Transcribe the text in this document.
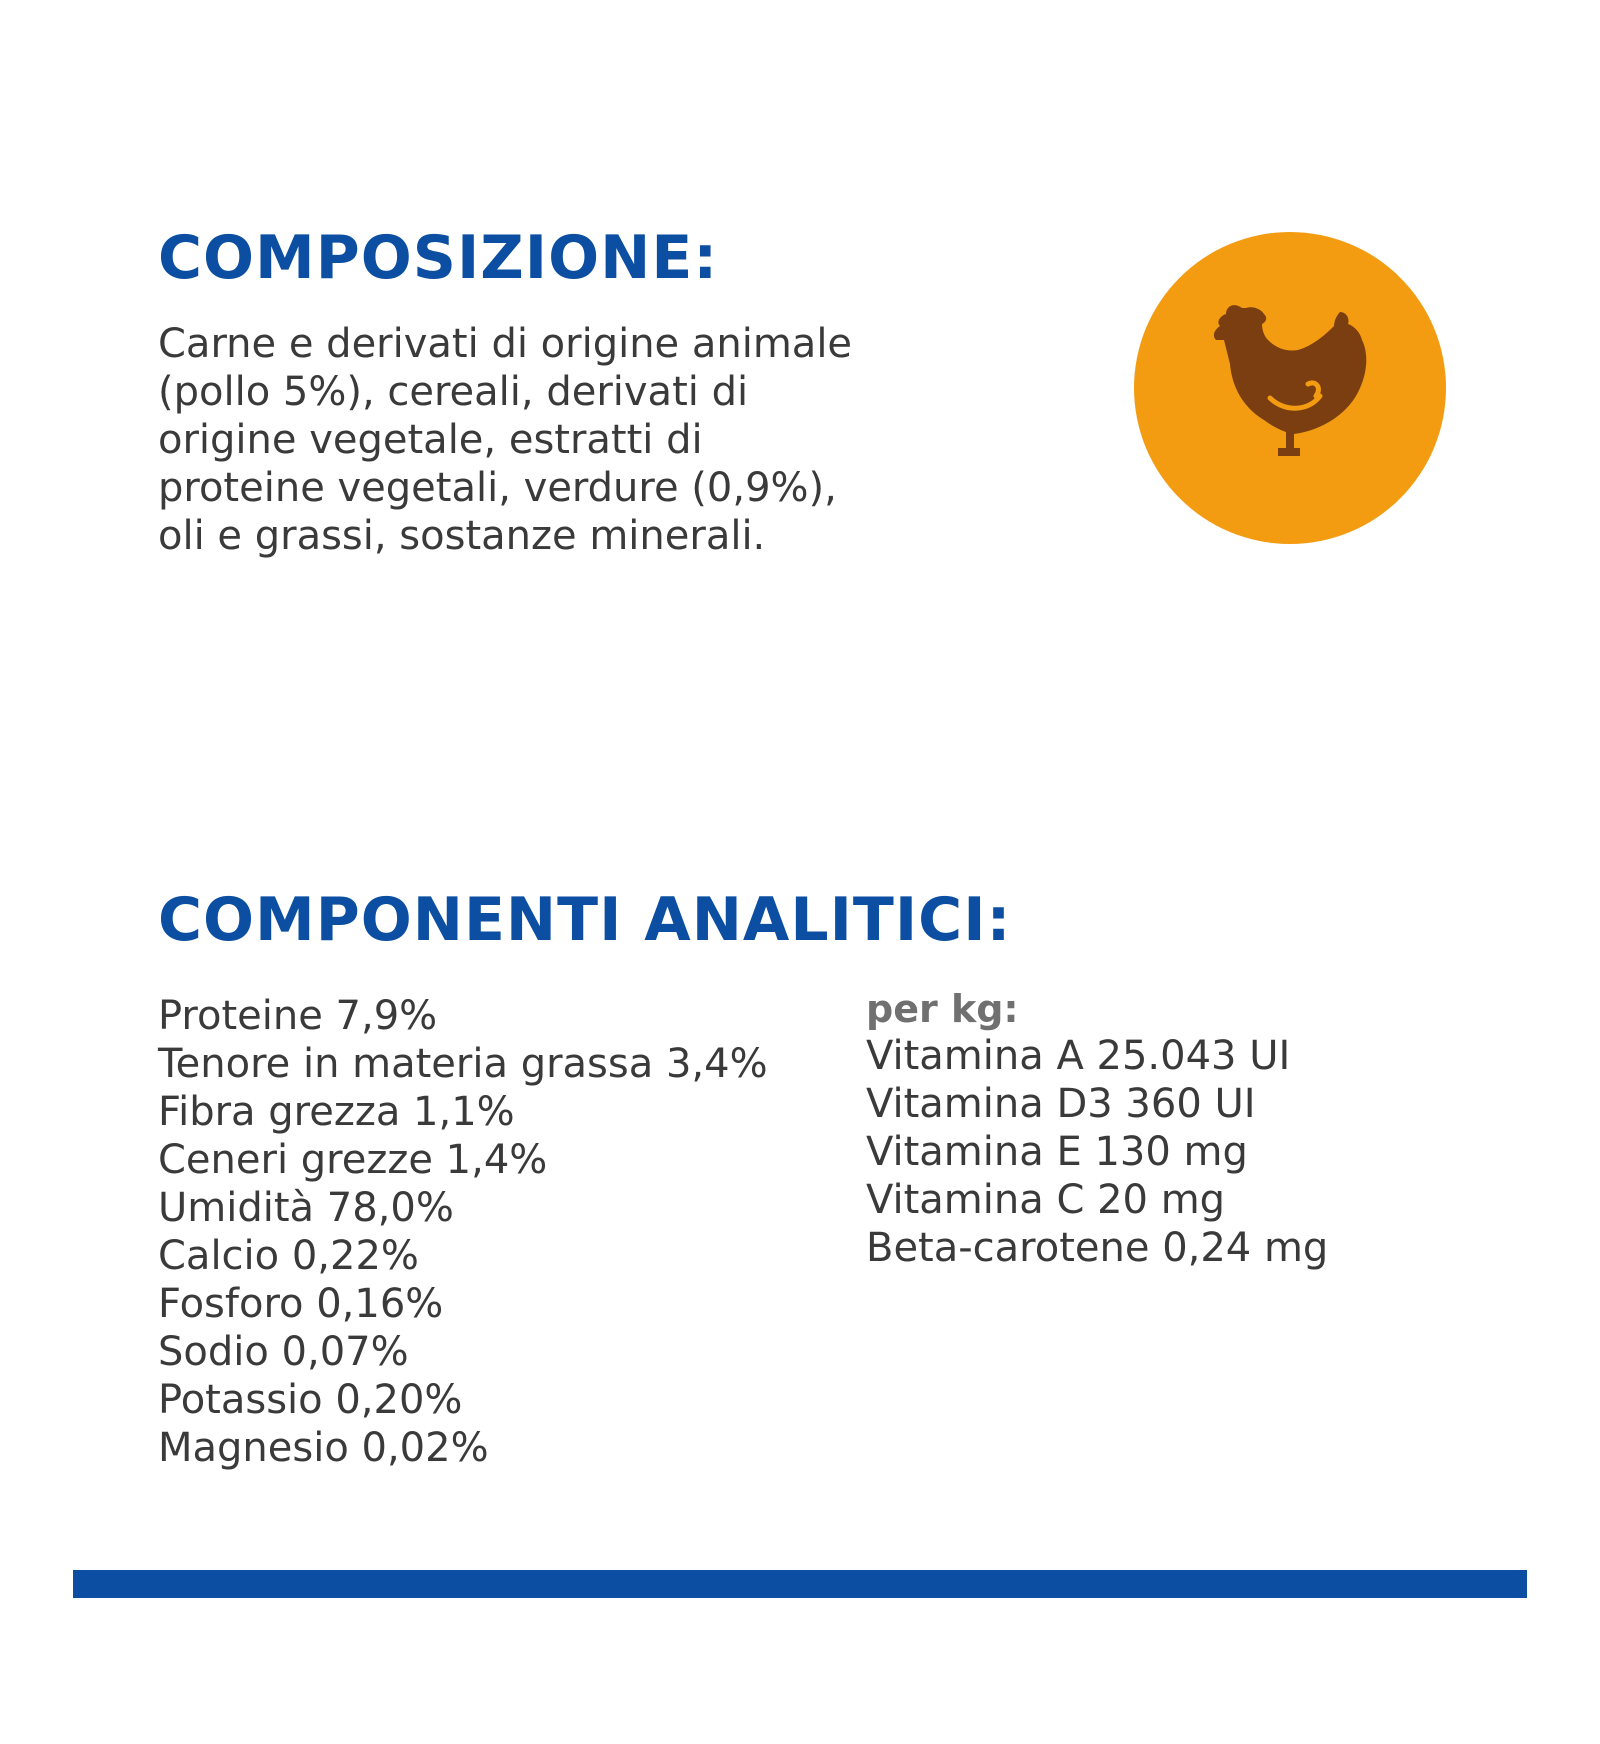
COMPOSIZIONE:
Carne e derivati di origine animale
(pollo 5%), cereali, derivati di
origine vegetale, estratti di
proteine vegetali, verdure (0,9%),
oli e grassi, sostanze minerali.
COMPONENTI ANALITICI:
Proteine 7,9%
Tenore in materia grassa 3,4%
Fibra grezza 1,1%
Ceneri grezze 1,4%
Umidità 78,0%
Calcio 0,22%
Fosforo 0,16%
Sodio 0,07%
Potassio 0,20%
Magnesio 0,02%

per kg:

Vitamina A 25.043 UI
Vitamina D3 360 UI
Vitamina E 130 mg
Vitamina C 20 mg
Beta-carotene 0,24 mg
